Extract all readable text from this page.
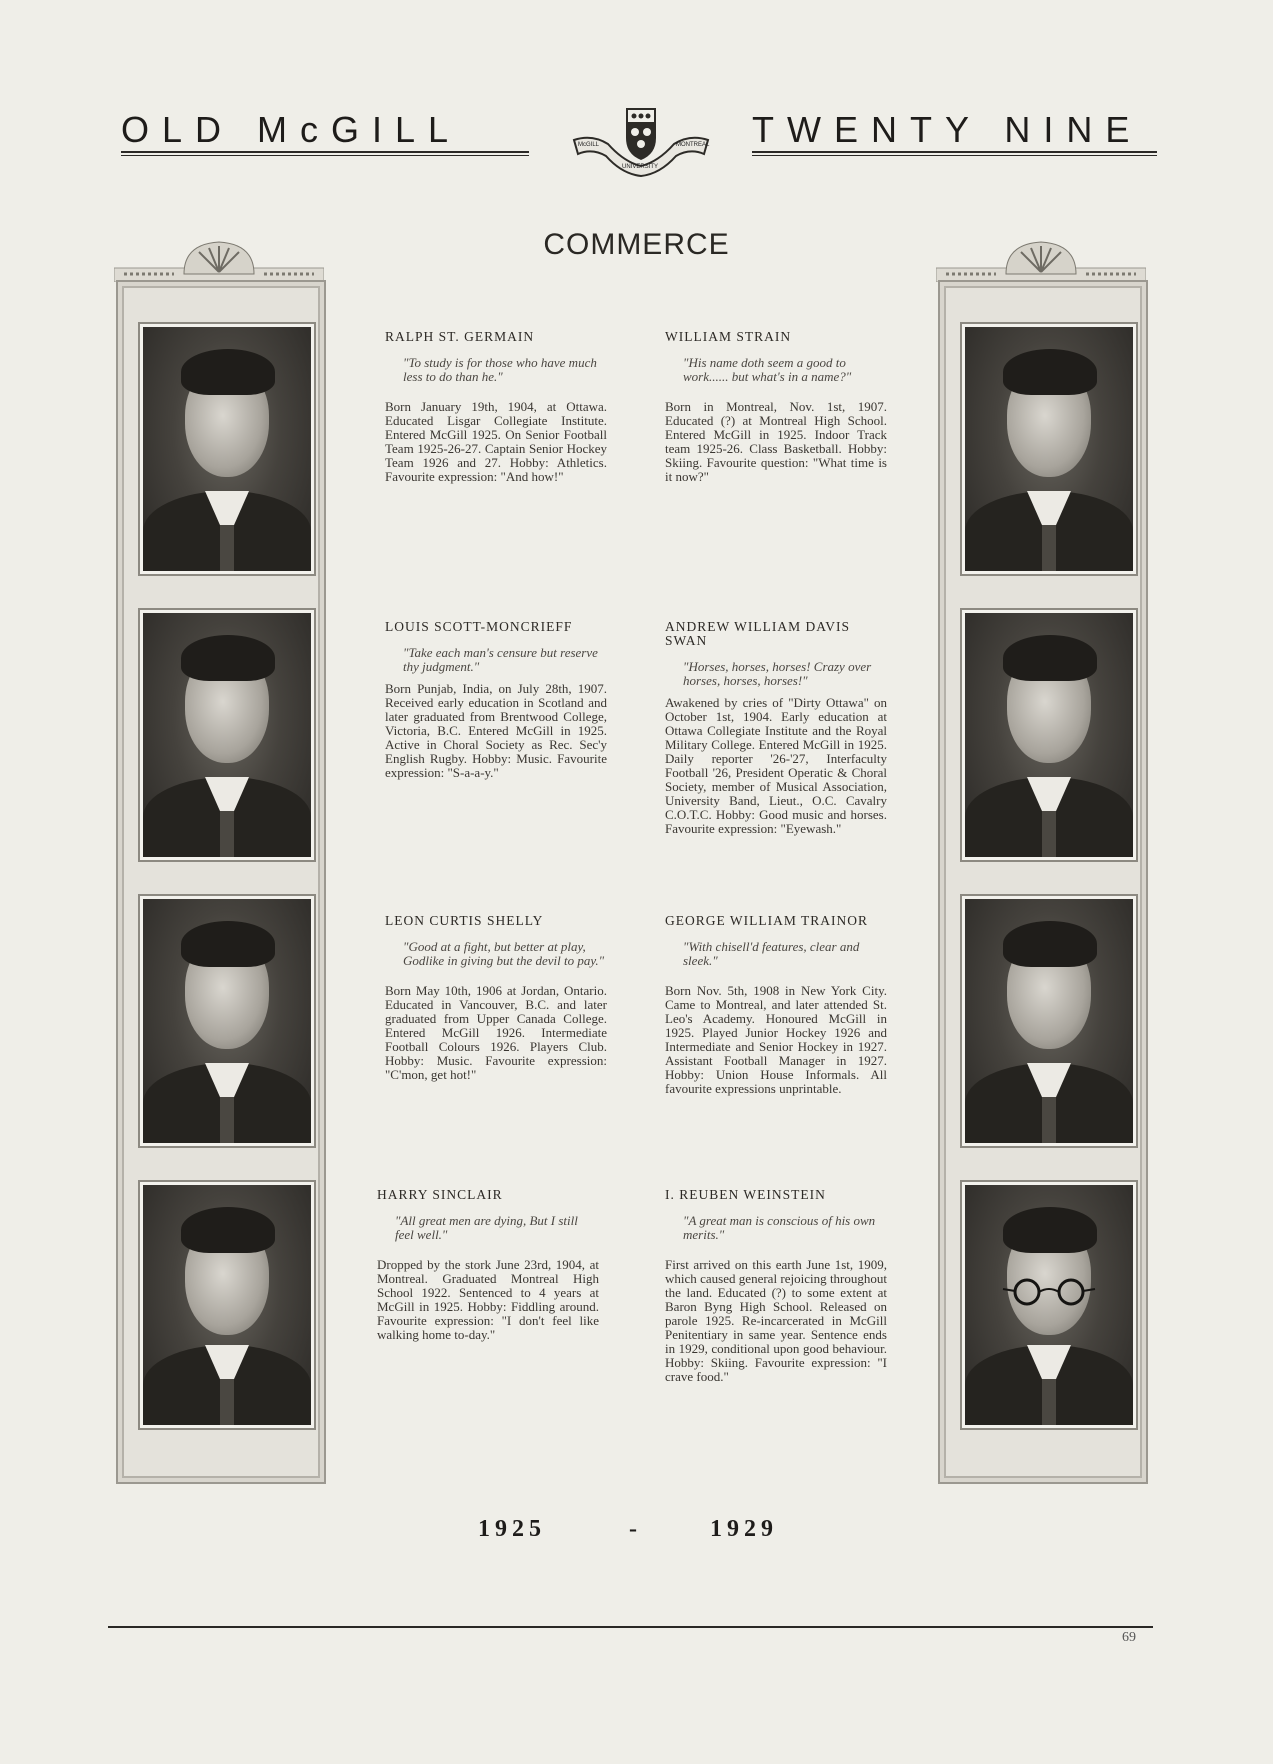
OLD McGILL	McGILL
UNIVERSITY
MONTREAL TWENTY NINE
COMMERCE
RALPH ST. GERMAIN
"To study is for those who have much less to do than he."
Born January 19th, 1904, at Ottawa. Educated Lisgar Collegiate Institute. Entered McGill 1925. On Senior Football Team 1925-26-27. Captain Senior Hockey Team 1926 and 27. Hobby: Athletics. Favourite expression: "And how!"
WILLIAM STRAIN
"His name doth seem a good to work...... but what's in a name?"
Born in Montreal, Nov. 1st, 1907. Educated (?) at Montreal High School. Entered McGill in 1925. Indoor Track team 1925-26. Class Basketball. Hobby: Skiing. Favourite question: "What time is it now?"
LOUIS SCOTT-MONCRIEFF
"Take each man's censure but reserve thy judgment."
Born Punjab, India, on July 28th, 1907. Received early education in Scotland and later graduated from Brentwood College, Victoria, B.C. Entered McGill in 1925. Active in Choral Society as Rec. Sec'y English Rugby. Hobby: Music. Favourite expression: "S-a-a-y."
ANDREW WILLIAM DAVIS SWAN
"Horses, horses, horses! Crazy over horses, horses, horses!"
Awakened by cries of "Dirty Ottawa" on October 1st, 1904. Early education at Ottawa Collegiate Institute and the Royal Military College. Entered McGill in 1925. Daily reporter '26-'27, Interfaculty Football '26, President Operatic & Choral Society, member of Musical Association, University Band, Lieut., O.C. Cavalry C.O.T.C. Hobby: Good music and horses. Favourite expression: "Eyewash."
LEON CURTIS SHELLY
"Good at a fight, but better at play, Godlike in giving but the devil to pay."
Born May 10th, 1906 at Jordan, Ontario. Educated in Vancouver, B.C. and later graduated from Upper Canada College. Entered McGill 1926. Intermediate Football Colours 1926. Players Club. Hobby: Music. Favourite expression: "C'mon, get hot!"
GEORGE WILLIAM TRAINOR
"With chisell'd features, clear and sleek."
Born Nov. 5th, 1908 in New York City. Came to Montreal, and later attended St. Leo's Academy. Honoured McGill in 1925. Played Junior Hockey 1926 and Intermediate and Senior Hockey in 1927. Assistant Football Manager in 1927. Hobby: Union House Informals. All favourite expressions unprintable.
HARRY SINCLAIR
"All great men are dying, But I still feel well."
Dropped by the stork June 23rd, 1904, at Montreal. Graduated Montreal High School 1922. Sentenced to 4 years at McGill in 1925. Hobby: Fiddling around. Favourite expression: "I don't feel like walking home to-day."
I. REUBEN WEINSTEIN
"A great man is conscious of his own merits."
First arrived on this earth June 1st, 1909, which caused general rejoicing throughout the land. Educated (?) to some extent at Baron Byng High School. Released on parole 1925. Re-incarcerated in McGill Penitentiary in same year. Sentence ends in 1929, conditional upon good behaviour. Hobby: Skiing. Favourite expression: "I crave food."
1925	-	1929
69
